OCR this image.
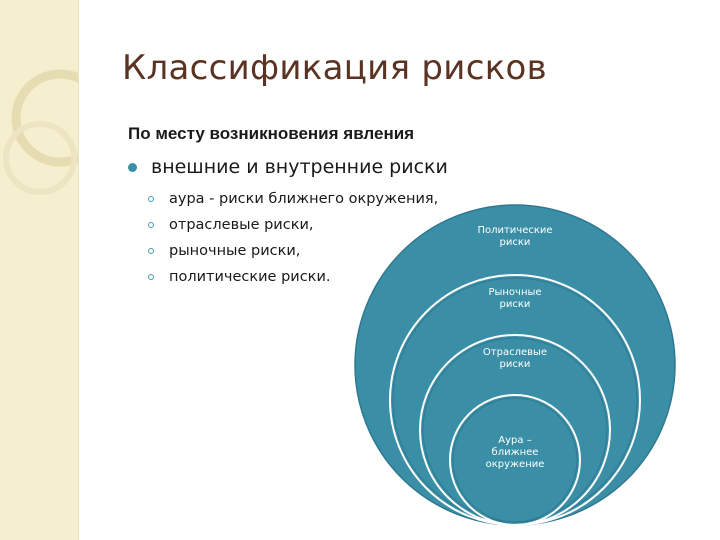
Классификация рисков
По месту возникновения явления
внешние и внутренние риски
аура - риски ближнего окружения,
отраслевые риски,
рыночные риски,
политические риски.
Политические
риски
Рыночные
риски
Отраслевые
риски
Аура –
ближнее
окружение
